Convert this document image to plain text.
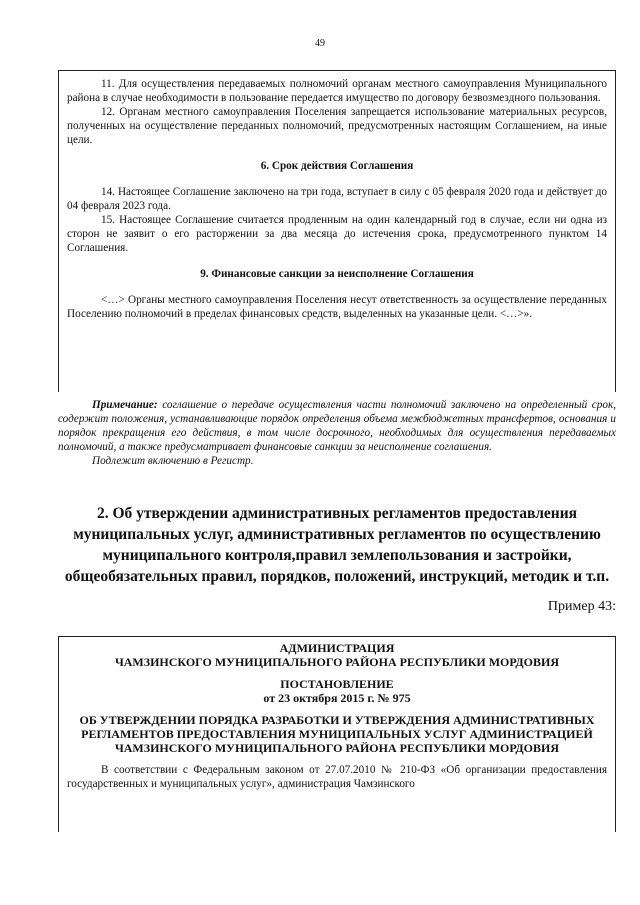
49

11. Для осуществления передаваемых полномочий органам местного самоуправления Муниципального района в случае необходимости в пользование передается имущество по договору безвозмездного пользования.

12. Органам местного самоуправления Поселения запрещается использование материальных ресурсов, полученных на осуществление переданных полномочий, предусмотренных настоящим Соглашением, на иные цели.

6. Срок действия Соглашения

14. Настоящее Соглашение заключено на три года, вступает в силу с 05 февраля 2020 года и действует до 04 февраля 2023 года.

15. Настоящее Соглашение считается продленным на один календарный год в случае, если ни одна из сторон не заявит о его расторжении за два месяца до истечения срока, предусмотренного пунктом 14 Соглашения.

9. Финансовые санкции за неисполнение Соглашения

<…> Органы местного самоуправления Поселения несут ответственность за осуществление переданных Поселению полномочий в пределах финансовых средств, выделенных на указанные цели. <…>».

Примечание: соглашение о передаче осуществления части полномочий заключено на определенный срок, содержит положения, устанавливающие порядок определения объема межбюджетных трансфертов, основания и порядок прекращения его действия, в том числе досрочного, необходимых для осуществления передаваемых полномочий, а также предусматривает финансовые санкции за неисполнение соглашения.

Подлежит включению в Регистр.

2. Об утверждении административных регламентов предоставления муниципальных услуг, административных регламентов по осуществлению муниципального контроля,правил землепользования и застройки, общеобязательных правил, порядков, положений, инструкций, методик и т.п.
Пример 43:
АДМИНИСТРАЦИЯ
ЧАМЗИНСКОГО МУНИЦИПАЛЬНОГО РАЙОНА РЕСПУБЛИКИ МОРДОВИЯ
ПОСТАНОВЛЕНИЕ
от 23 октября 2015 г. № 975
ОБ УТВЕРЖДЕНИИ ПОРЯДКА РАЗРАБОТКИ И УТВЕРЖДЕНИЯ АДМИНИСТРАТИВНЫХ РЕГЛАМЕНТОВ ПРЕДОСТАВЛЕНИЯ МУНИЦИПАЛЬНЫХ УСЛУГ АДМИНИСТРАЦИЕЙ ЧАМЗИНСКОГО МУНИЦИПАЛЬНОГО РАЙОНА РЕСПУБЛИКИ МОРДОВИЯ

В соответствии с Федеральным законом от 27.07.2010 № 210-ФЗ «Об организации предоставления государственных и муниципальных услуг», администрация Чамзинского
